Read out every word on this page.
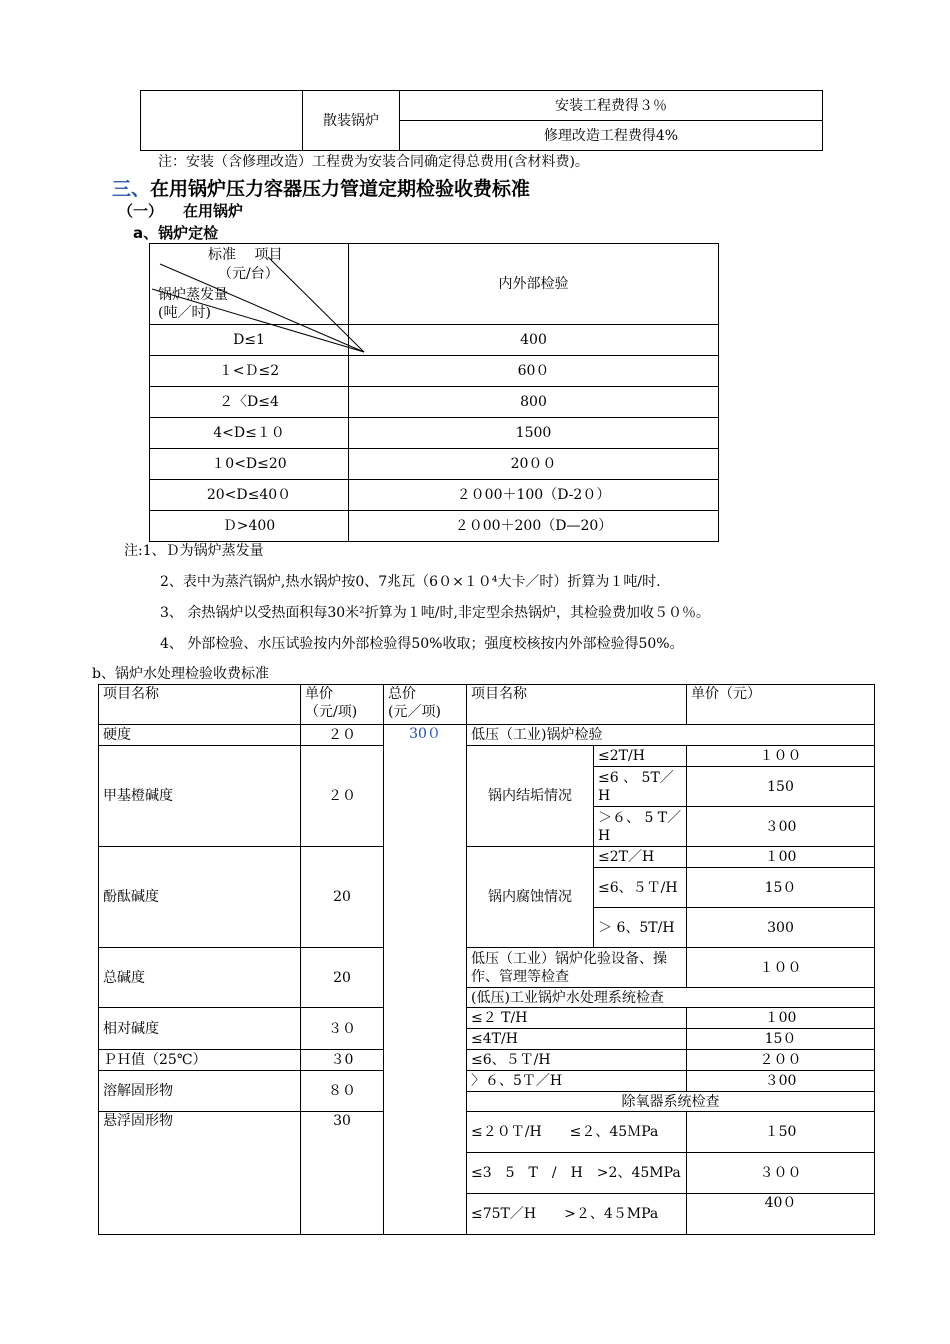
	散装锅炉	安装工程费得３％
修理改造工程费得4%
注：安装（含修理改造）工程费为安装合同确定得总费用(含材料费)。
三、在用锅炉压力容器压力管道定期检验收费标准
（一） 在用锅炉
a、锅炉定检
标准　 项目
（元/台）
锅炉蒸发量
(吨／时)	内外部检验
D≤1	400
１<Ｄ≤2	60０
２〈D≤4	800
4<D≤１０	1500
１0<D≤20	20００
20<D≤40０	２０00＋100（D-2０）
Ｄ>400	２０00＋200（D—20）
注:1、Ｄ为锅炉蒸发量
2、表中为蒸汽锅炉,热水锅炉按0、7兆瓦（6０×１０⁴大卡／时）折算为１吨/时.
3、 余热锅炉以受热面积每30米²折算为１吨/时,非定型余热锅炉，其检验费加收５０％。
4、 外部检验、水压试验按内外部检验得50%收取；强度校核按内外部检验得50%。
b、锅炉水处理检验收费标准
项目名称	单价
（元/项)	总价
(元／项)	项目名称		单价（元）
硬度	２０	30０	低压（工业)锅炉检验		
甲基橙碱度	２０		锅内结垢情况	≤2T/H	１００
				≤6 、 5T／H	150
				＞６、 5 T／H	３00
酚酞碱度	20		锅内腐蚀情况	≤2T／H	１00
				≤6、５Ｔ/H	15０
				＞ 6、5T/H	300
总碱度	20		低压（工业）锅炉化验设备、操作、管理等检查		１００
			(低压)工业锅炉水处理系统检查		
相对碱度	３０		≤２ T/H		１00
			≤4T/H		15０
ＰＨ值（25℃）	３0		≤6、５Ｔ/H		２００
溶解固形物	８０		〉６、5Ｔ／H		３00
			除氧器系统检查		
悬浮固形物	30		≤２０Ｔ/H　　≤２、45ＭPa		１50
			≤3　5　T　/　H　>2、45MPa		３００
			≤75T／H　　>２、4５MPa		40０
